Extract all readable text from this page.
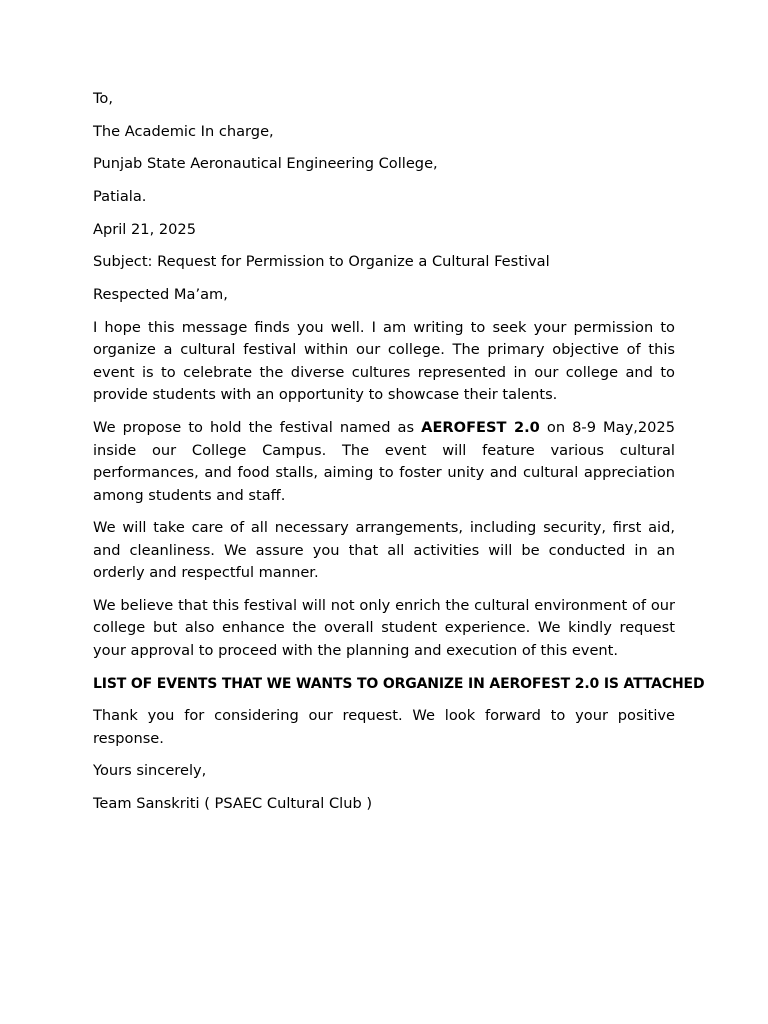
To,

The Academic In charge,

Punjab State Aeronautical Engineering College,

Patiala.

April 21, 2025

Subject: Request for Permission to Organize a Cultural Festival

Respected Ma’am,

I hope this message finds you well. I am writing to seek your permission to organize a cultural festival within our college. The primary objective of this event is to celebrate the diverse cultures represented in our college and to provide students with an opportunity to showcase their talents.

We propose to hold the festival named as AEROFEST 2.0 on 8-9 May,2025 inside our College Campus. The event will feature various cultural performances, and food stalls, aiming to foster unity and cultural appreciation among students and staff.

We will take care of all necessary arrangements, including security, first aid, and cleanliness. We assure you that all activities will be conducted in an orderly and respectful manner.

We believe that this festival will not only enrich the cultural environment of our college but also enhance the overall student experience. We kindly request your approval to proceed with the planning and execution of this event.

LIST OF EVENTS THAT WE WANTS TO ORGANIZE IN AEROFEST 2.0 IS ATTACHED

Thank you for considering our request. We look forward to your positive response.

Yours sincerely,

Team Sanskriti ( PSAEC Cultural Club )
